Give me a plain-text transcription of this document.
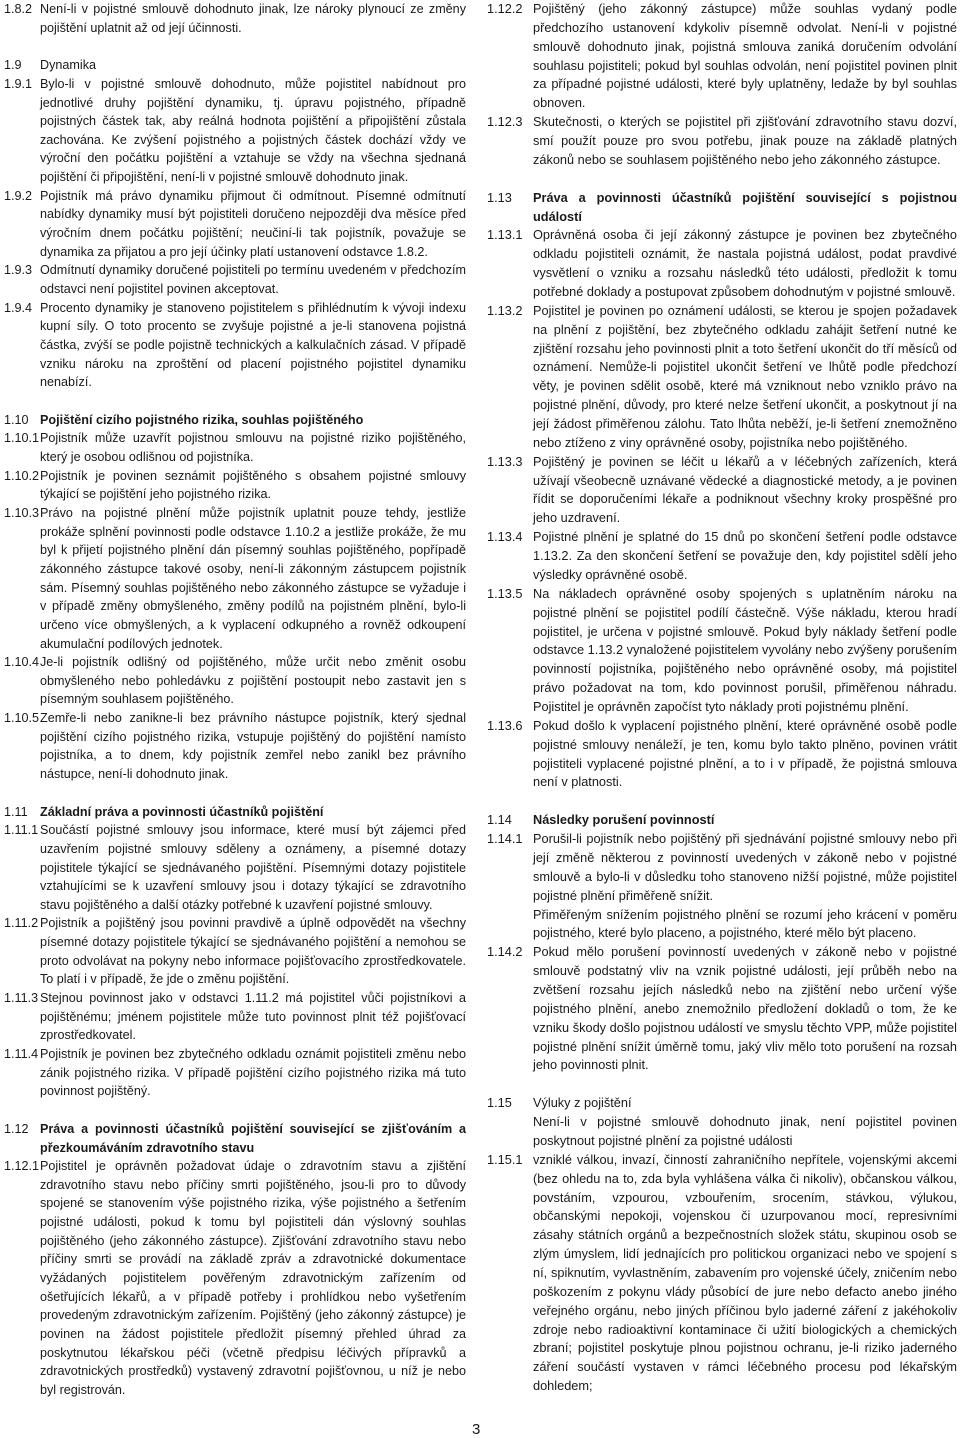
1.8.2 Není-li v pojistné smlouvě dohodnuto jinak, lze nároky plynoucí ze změny pojištění uplatnit až od její účinnosti.
1.9	Dynamika
1.9.1 Bylo-li v pojistné smlouvě dohodnuto, může pojistitel nabídnout pro jednotlivé druhy pojištění dynamiku, tj. úpravu pojistného, případně pojistných částek tak, aby reálná hodnota pojištění a připojištění zůstala zachována. Ke zvýšení pojistného a pojistných částek dochází vždy ve výroční den počátku pojištění a vztahuje se vždy na všechna sjednaná pojištění či připojištění, není-li v pojistné smlouvě dohodnuto jinak.
1.9.2 Pojistník má právo dynamiku přijmout či odmítnout. Písemné odmítnutí nabídky dynamiky musí být pojistiteli doručeno nejpozději dva měsíce před výročním dnem počátku pojištění; neučiní-li tak pojistník, považuje se dynamika za přijatou a pro její účinky platí ustanovení odstavce 1.8.2.
1.9.3 Odmítnutí dynamiky doručené pojistiteli po termínu uvedeném v předchozím odstavci není pojistitel povinen akceptovat.
1.9.4 Procento dynamiky je stanoveno pojistitelem s přihlédnutím k vývoji indexu kupní síly. O toto procento se zvyšuje pojistné a je-li stanovena pojistná částka, zvýší se podle pojistně technických a kalkulačních zásad. V případě vzniku nároku na zproštění od placení pojistného pojistitel dynamiku nenabízí.
1.10 Pojištění cizího pojistného rizika, souhlas pojištěného
1.10.1 Pojistník může uzavřít pojistnou smlouvu na pojistné riziko pojištěného, který je osobou odlišnou od pojistníka.
1.10.2 Pojistník je povinen seznámit pojištěného s obsahem pojistné smlouvy týkající se pojištění jeho pojistného rizika.
1.10.3 Právo na pojistné plnění může pojistník uplatnit pouze tehdy, jestliže prokáže splnění povinnosti podle odstavce 1.10.2 a jestliže prokáže, že mu byl k přijetí pojistného plnění dán písemný souhlas pojištěného, popřípadě zákonného zástupce takové osoby, není-li zákonným zástupcem pojistník sám. Písemný souhlas pojištěného nebo zákonného zástupce se vyžaduje i v případě změny obmyšleného, změny podílů na pojistném plnění, bylo-li určeno více obmyšlených, a k vyplacení odkupného a rovněž odkoupení akumulační podílových jednotek.
1.10.4 Je-li pojistník odlišný od pojištěného, může určit nebo změnit osobu obmyšleného nebo pohledávku z pojištění postoupit nebo zastavit jen s písemným souhlasem pojištěného.
1.10.5 Zemře-li nebo zanikne-li bez právního nástupce pojistník, který sjednal pojištění cizího pojistného rizika, vstupuje pojištěný do pojištění namísto pojistníka, a to dnem, kdy pojistník zemřel nebo zanikl bez právního nástupce, není-li dohodnuto jinak.
1.11 Základní práva a povinnosti účastníků pojištění
1.11.1 Součástí pojistné smlouvy jsou informace, které musí být zájemci před uzavřením pojistné smlouvy sděleny a oznámeny, a písemné dotazy pojistitele týkající se sjednávaného pojištění. Písemnými dotazy pojistitele vztahujícími se k uzavření smlouvy jsou i dotazy týkající se zdravotního stavu pojištěného a další otázky potřebné k uzavření pojistné smlouvy.
1.11.2 Pojistník a pojištěný jsou povinni pravdivě a úplně odpovědět na všechny písemné dotazy pojistitele týkající se sjednávaného pojištění a nemohou se proto odvolávat na pokyny nebo informace pojišťovacího zprostředkovatele. To platí i v případě, že jde o změnu pojištění.
1.11.3 Stejnou povinnost jako v odstavci 1.11.2 má pojistitel vůči pojistníkovi a pojištěnému; jménem pojistitele může tuto povinnost plnit též pojišťovací zprostředkovatel.
1.11.4 Pojistník je povinen bez zbytečného odkladu oznámit pojistiteli změnu nebo zánik pojistného rizika. V případě pojištění cizího pojistného rizika má tuto povinnost pojištěný.
1.12 Práva a povinnosti účastníků pojištění související se zjišťováním a přezkoumáváním zdravotního stavu
1.12.1 Pojistitel je oprávněn požadovat údaje o zdravotním stavu a zjištění zdravotního stavu nebo příčiny smrti pojištěného, jsou-li pro to důvody spojené se stanovením výše pojistného rizika, výše pojistného a šetřením pojistné události, pokud k tomu byl pojistiteli dán výslovný souhlas pojištěného (jeho zákonného zástupce). Zjišťování zdravotního stavu nebo příčiny smrti se provádí na základě zpráv a zdravotnické dokumentace vyžádaných pojistitelem pověřeným zdravotnickým zařízením od ošetřujících lékařů, a v případě potřeby i prohlídkou nebo vyšetřením provedeným zdravotnickým zařízením. Pojištěný (jeho zákonný zástupce) je povinen na žádost pojistitele předložit písemný přehled úhrad za poskytnutou lékařskou péči (včetně předpisu léčivých přípravků a zdravotnických prostředků) vystavený zdravotní pojišťovnou, u níž je nebo byl registrován.
1.12.2 Pojištěný (jeho zákonný zástupce) může souhlas vydaný podle předchozího ustanovení kdykoliv písemně odvolat. Není-li v pojistné smlouvě dohodnuto jinak, pojistná smlouva zaniká doručením odvolání souhlasu pojistiteli; pokud byl souhlas odvolán, není pojistitel povinen plnit za případné pojistné události, které byly uplatněny, ledaže by byl souhlas obnoven.
1.12.3 Skutečnosti, o kterých se pojistitel při zjišťování zdravotního stavu dozví, smí použít pouze pro svou potřebu, jinak pouze na základě platných zákonů nebo se souhlasem pojištěného nebo jeho zákonného zástupce.
1.13	Práva a povinnosti účastníků pojištění související s pojistnou událostí
1.13.1 Oprávněná osoba či její zákonný zástupce je povinen bez zbytečného odkladu pojistiteli oznámit, že nastala pojistná událost, podat pravdivé vysvětlení o vzniku a rozsahu následků této události, předložit k tomu potřebné doklady a postupovat způsobem dohodnutým v pojistné smlouvě.
1.13.2 Pojistitel je povinen po oznámení události, se kterou je spojen požadavek na plnění z pojištění, bez zbytečného odkladu zahájit šetření nutné ke zjištění rozsahu jeho povinnosti plnit a toto šetření ukončit do tří měsíců od oznámení. Nemůže-li pojistitel ukončit šetření ve lhůtě podle předchozí věty, je povinen sdělit osobě, které má vzniknout nebo vzniklo právo na pojistné plnění, důvody, pro které nelze šetření ukončit, a poskytnout jí na její žádost přiměřenou zálohu. Tato lhůta neběží, je-li šetření znemožněno nebo ztíženo z viny oprávněné osoby, pojistníka nebo pojištěného.
1.13.3 Pojištěný je povinen se léčit u lékařů a v léčebných zařízeních, která užívají všeobecně uznávané vědecké a diagnostické metody, a je povinen řídit se doporučeními lékaře a podniknout všechny kroky prospěšné pro jeho uzdravení.
1.13.4 Pojistné plnění je splatné do 15 dnů po skončení šetření podle odstavce 1.13.2. Za den skončení šetření se považuje den, kdy pojistitel sdělí jeho výsledky oprávněné osobě.
1.13.5 Na nákladech oprávněné osoby spojených s uplatněním nároku na pojistné plnění se pojistitel podílí částečně. Výše nákladu, kterou hradí pojistitel, je určena v pojistné smlouvě. Pokud byly náklady šetření podle odstavce 1.13.2 vynaložené pojistitelem vyvolány nebo zvýšeny porušením povinností pojistníka, pojištěného nebo oprávněné osoby, má pojistitel právo požadovat na tom, kdo povinnost porušil, přiměřenou náhradu. Pojistitel je oprávněn započíst tyto náklady proti pojistnému plnění.
1.13.6 Pokud došlo k vyplacení pojistného plnění, které oprávněné osobě podle pojistné smlouvy nenáleží, je ten, komu bylo takto plněno, povinen vrátit pojistiteli vyplacené pojistné plnění, a to i v případě, že pojistná smlouva není v platnosti.
1.14	Následky porušení povinností
1.14.1 Porušil-li pojistník nebo pojištěný při sjednávání pojistné smlouvy nebo při její změně některou z povinností uvedených v zákoně nebo v pojistné smlouvě a bylo-li v důsledku toho stanoveno nižší pojistné, může pojistitel pojistné plnění přiměřeně snížit.
Přiměřeným snížením pojistného plnění se rozumí jeho krácení v poměru pojistného, které bylo placeno, a pojistného, které mělo být placeno.
1.14.2 Pokud mělo porušení povinností uvedených v zákoně nebo v pojistné smlouvě podstatný vliv na vznik pojistné události, její průběh nebo na zvětšení rozsahu jejích následků nebo na zjištění nebo určení výše pojistného plnění, anebo znemožnilo předložení dokladů o tom, že ke vzniku škody došlo pojistnou událostí ve smyslu těchto VPP, může pojistitel pojistné plnění snížit úměrně tomu, jaký vliv mělo toto porušení na rozsah jeho povinnosti plnit.
1.15	Výluky z pojištění
Není-li v pojistné smlouvě dohodnuto jinak, není pojistitel povinen poskytnout pojistné plnění za pojistné události
1.15.1 vzniklé válkou, invazí, činností zahraničního nepřítele, vojenskými akcemi (bez ohledu na to, zda byla vyhlášena válka či nikoliv), občanskou válkou, povstáním, vzpourou, vzbouřením, srocením, stávkou, výlukou, občanskými nepokoji, vojenskou či uzurpovanou mocí, represivními zásahy státních orgánů a bezpečnostních složek státu, skupinou osob se zlým úmyslem, lidí jednajících pro politickou organizaci nebo ve spojení s ní, spiknutím, vyvlastněním, zabavením pro vojenské účely, zničením nebo poškozením z pokynu vlády působící de jure nebo defacto anebo jiného veřejného orgánu, nebo jiných příčinou bylo jaderné záření z jakéhokoliv zdroje nebo radioaktivní kontaminace či užití biologických a chemických zbraní; pojistitel poskytuje plnou pojistnou ochranu, je-li riziko jaderného záření součástí vystaven v rámci léčebného procesu pod lékařským dohledem;
3
